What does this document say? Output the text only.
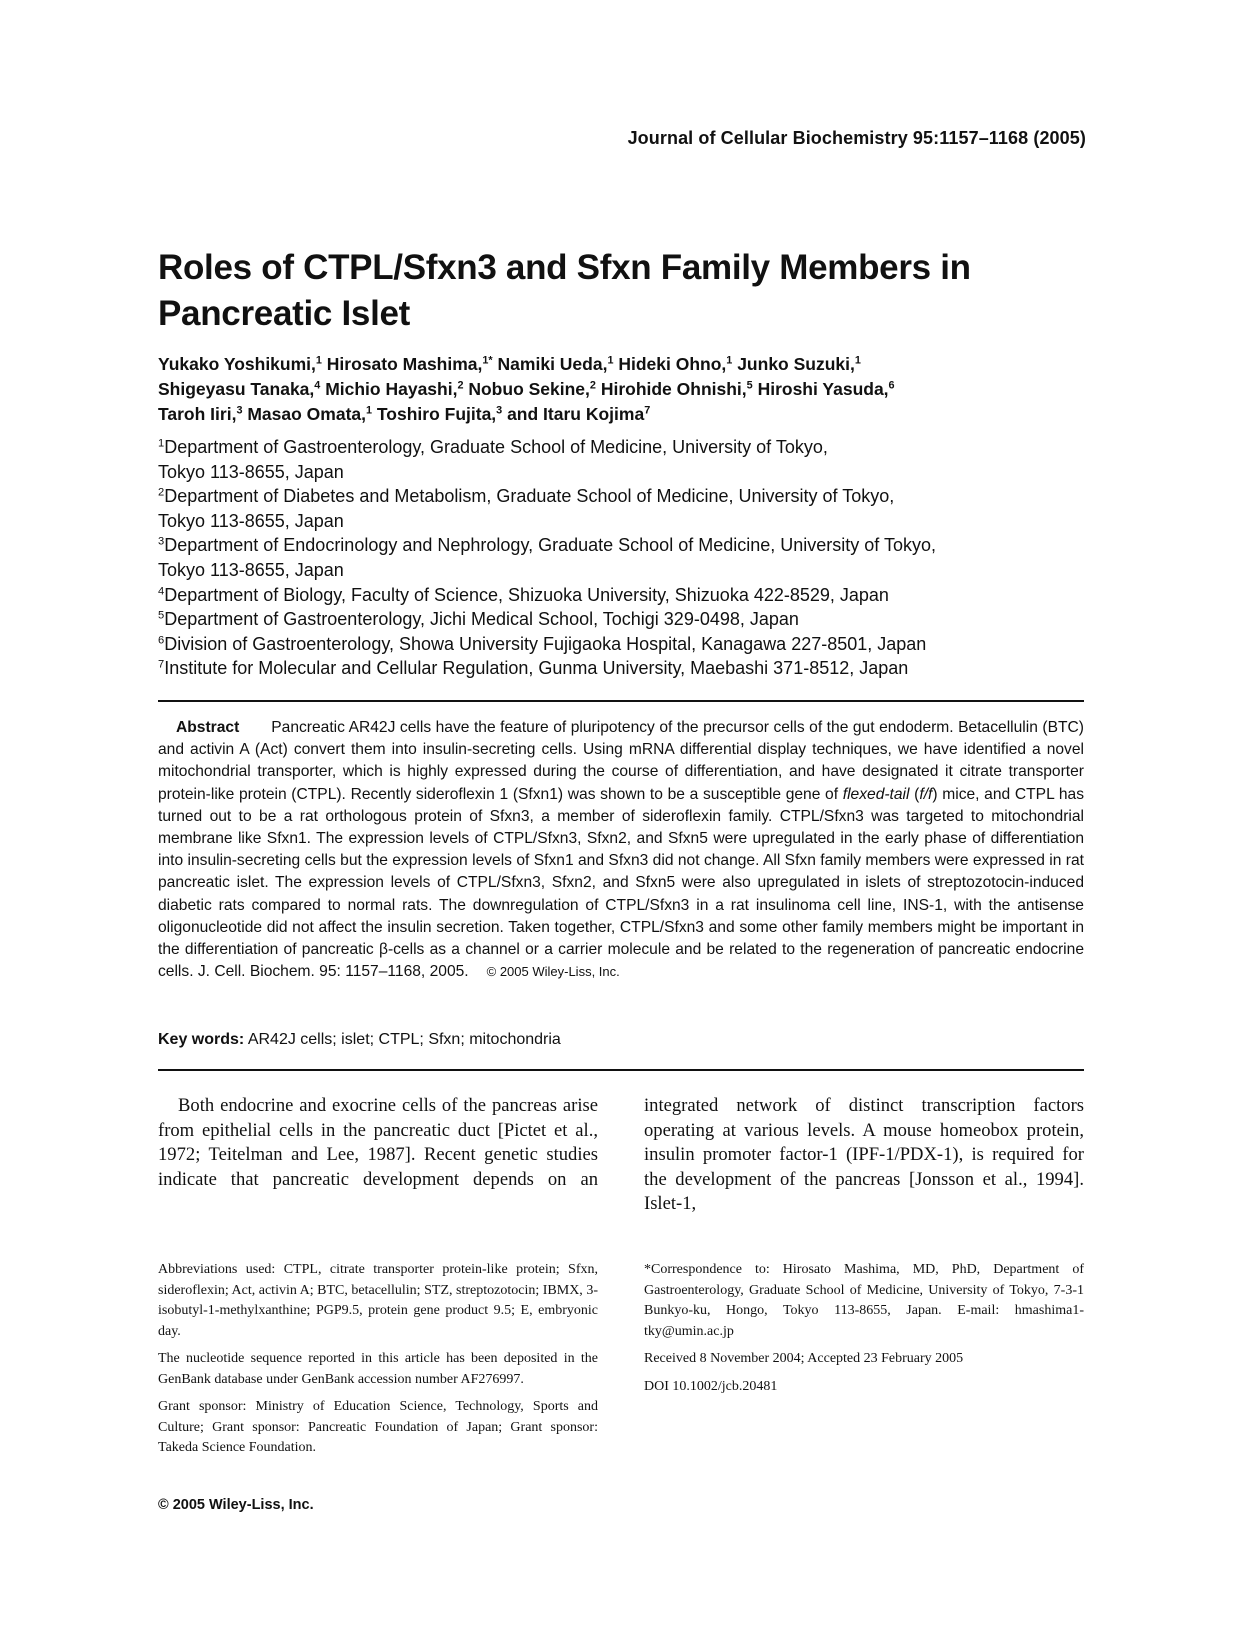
Journal of Cellular Biochemistry 95:1157–1168 (2005)
Roles of CTPL/Sfxn3 and Sfxn Family Members in
Pancreatic Islet
Yukako Yoshikumi,$^1$ Hirosato Mashima,$^{1*}$ Namiki Ueda,$^1$ Hideki Ohno,$^1$ Junko Suzuki,$^1$
Shigeyasu Tanaka,$^4$ Michio Hayashi,$^2$ Nobuo Sekine,$^2$ Hirohide Ohnishi,$^5$ Hiroshi Yasuda,$^6$
Taroh Iiri,$^3$ Masao Omata,$^1$ Toshiro Fujita,$^3$ and Itaru Kojima$^7$
$^1$Department of Gastroenterology, Graduate School of Medicine, University of Tokyo,
Tokyo 113-8655, Japan
$^2$Department of Diabetes and Metabolism, Graduate School of Medicine, University of Tokyo,
Tokyo 113-8655, Japan
$^3$Department of Endocrinology and Nephrology, Graduate School of Medicine, University of Tokyo,
Tokyo 113-8655, Japan
$^4$Department of Biology, Faculty of Science, Shizuoka University, Shizuoka 422-8529, Japan
$^5$Department of Gastroenterology, Jichi Medical School, Tochigi 329-0498, Japan
$^6$Division of Gastroenterology, Showa University Fujigaoka Hospital, Kanagawa 227-8501, Japan
$^7$Institute for Molecular and Cellular Regulation, Gunma University, Maebashi 371-8512, Japan
Abstract Pancreatic AR42J cells have the feature of pluripotency of the precursor cells of the gut endoderm. Betacellulin (BTC) and activin A (Act) convert them into insulin-secreting cells. Using mRNA differential display techniques, we have identified a novel mitochondrial transporter, which is highly expressed during the course of differentiation, and have designated it citrate transporter protein-like protein (CTPL). Recently sideroflexin 1 (Sfxn1) was shown to be a susceptible gene of flexed-tail (f/f) mice, and CTPL has turned out to be a rat orthologous protein of Sfxn3, a member of sideroflexin family. CTPL/Sfxn3 was targeted to mitochondrial membrane like Sfxn1. The expression levels of CTPL/Sfxn3, Sfxn2, and Sfxn5 were upregulated in the early phase of differentiation into insulin-secreting cells but the expression levels of Sfxn1 and Sfxn3 did not change. All Sfxn family members were expressed in rat pancreatic islet. The expression levels of CTPL/Sfxn3, Sfxn2, and Sfxn5 were also upregulated in islets of streptozotocin-induced diabetic rats compared to normal rats. The downregulation of CTPL/Sfxn3 in a rat insulinoma cell line, INS-1, with the antisense oligonucleotide did not affect the insulin secretion. Taken together, CTPL/Sfxn3 and some other family members might be important in the differentiation of pancreatic β-cells as a channel or a carrier molecule and be related to the regeneration of pancreatic endocrine cells. J. Cell. Biochem. 95: 1157–1168, 2005. © 2005 Wiley-Liss, Inc.
Key words: AR42J cells; islet; CTPL; Sfxn; mitochondria
Both endocrine and exocrine cells of the pancreas arise from epithelial cells in the pancreatic duct [Pictet et al., 1972; Teitelman and Lee, 1987]. Recent genetic studies indicate that pancreatic development depends on an
integrated network of distinct transcription factors operating at various levels. A mouse homeobox protein, insulin promoter factor-1 (IPF-1/PDX-1), is required for the development of the pancreas [Jonsson et al., 1994]. Islet-1,

Abbreviations used: CTPL, citrate transporter protein-like protein; Sfxn, sideroflexin; Act, activin A; BTC, betacellulin; STZ, streptozotocin; IBMX, 3-isobutyl-1-methylxanthine; PGP9.5, protein gene product 9.5; E, embryonic day.

The nucleotide sequence reported in this article has been deposited in the GenBank database under GenBank accession number AF276997.

Grant sponsor: Ministry of Education Science, Technology, Sports and Culture; Grant sponsor: Pancreatic Foundation of Japan; Grant sponsor: Takeda Science Foundation.

© 2005 Wiley-Liss, Inc.

*Correspondence to: Hirosato Mashima, MD, PhD, Department of Gastroenterology, Graduate School of Medicine, University of Tokyo, 7-3-1 Bunkyo-ku, Hongo, Tokyo 113-8655, Japan. E-mail: hmashima1-tky@umin.ac.jp

Received 8 November 2004; Accepted 23 February 2005

DOI 10.1002/jcb.20481
